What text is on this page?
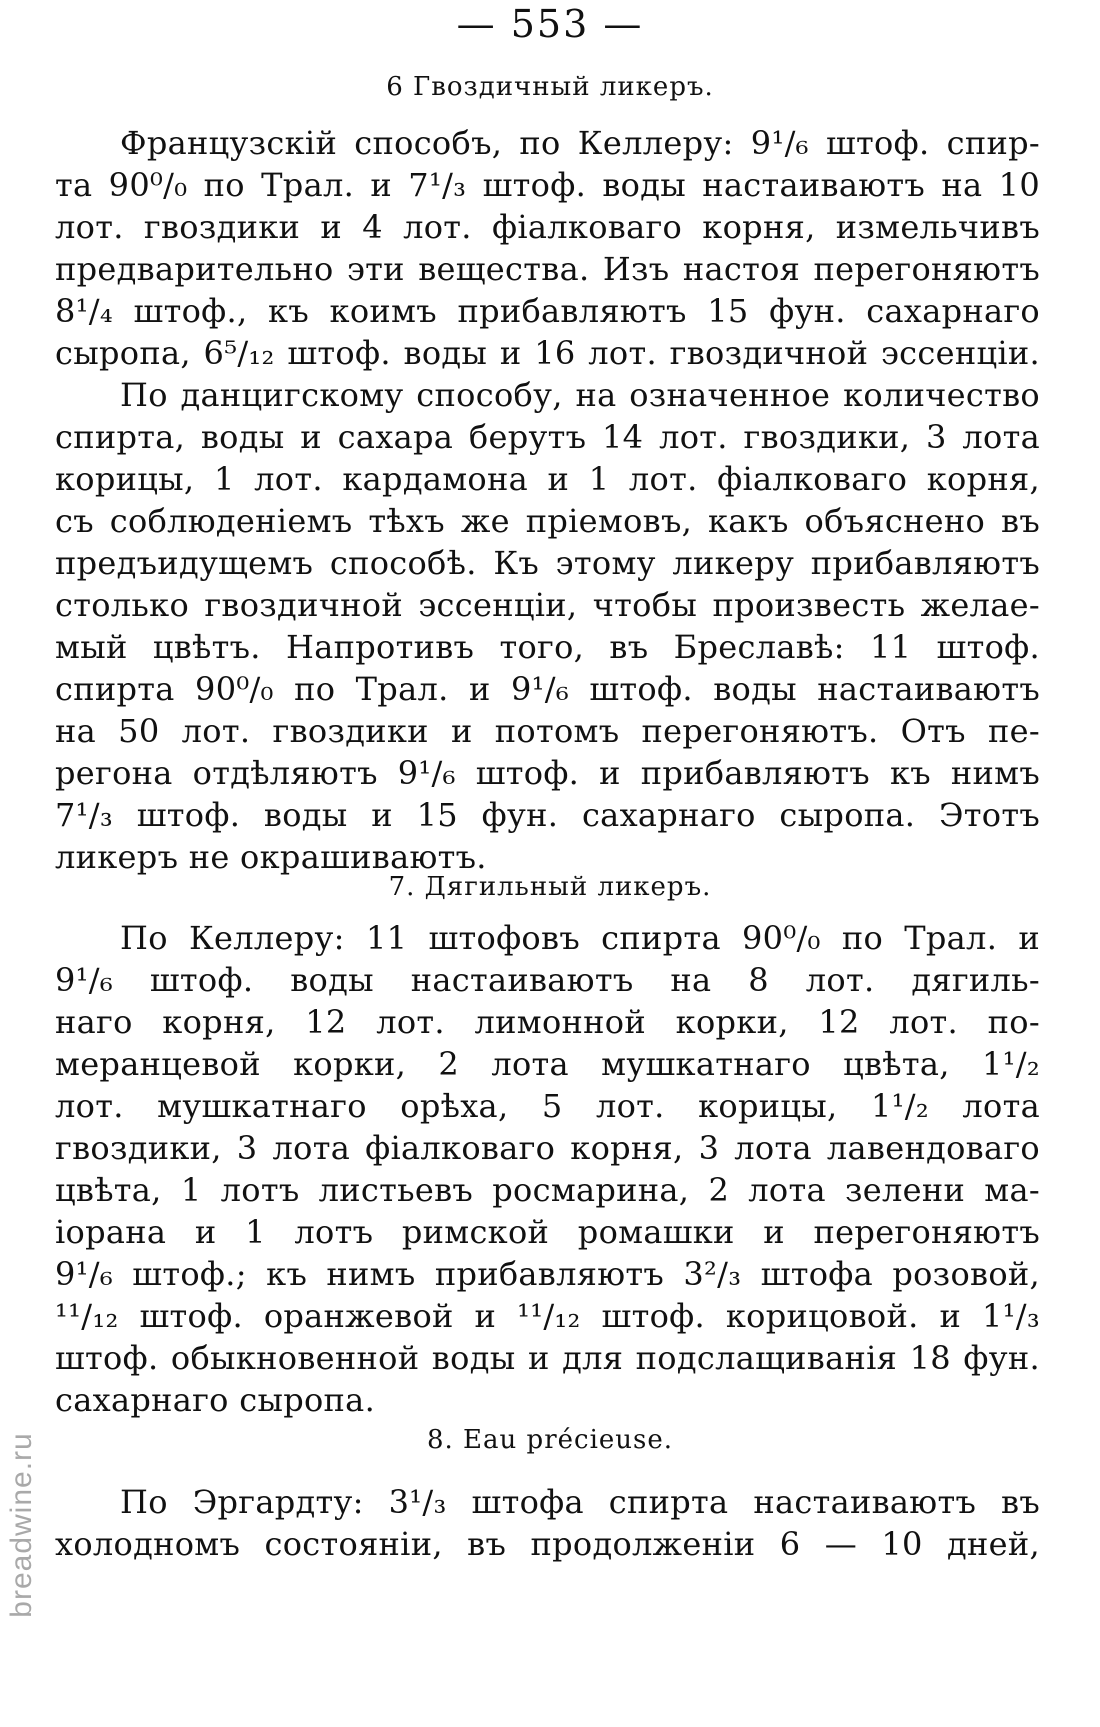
— 553 —
6 Гвоздичный ликеръ.
Французскій способъ, по Келлеру: 9¹/₆ штоф. спир-
та 90⁰/₀ по Трал. и 7¹/₃ штоф. воды настаиваютъ на 10
лот. гвоздики и 4 лот. фіалковаго корня, измельчивъ
предварительно эти вещества. Изъ настоя перегоняютъ
8¹/₄ штоф., къ коимъ прибавляютъ 15 фун. сахарнаго
сыропа, 6⁵/₁₂ штоф. воды и 16 лот. гвоздичной эссенціи.
По данцигскому способу, на означенное количество
спирта, воды и сахара берутъ 14 лот. гвоздики, 3 лота
корицы, 1 лот. кардамона и 1 лот. фіалковаго корня,
съ соблюденіемъ тѣхъ же пріемовъ, какъ объяснено въ
предъидущемъ способѣ. Къ этому ликеру прибавляютъ
столько гвоздичной эссенціи, чтобы произвесть желае-
мый цвѣтъ. Напротивъ того, въ Бреславѣ: 11 штоф.
спирта 90⁰/₀ по Трал. и 9¹/₆ штоф. воды настаиваютъ
на 50 лот. гвоздики и потомъ перегоняютъ. Отъ пе-
регона отдѣляютъ 9¹/₆ штоф. и прибавляютъ къ нимъ
7¹/₃ штоф. воды и 15 фун. сахарнаго сыропа. Этотъ
ликеръ не окрашиваютъ.
7. Дягильный ликеръ.
По Келлеру: 11 штофовъ спирта 90⁰/₀ по Трал. и
9¹/₆ штоф. воды настаиваютъ на 8 лот. дягиль-
наго корня, 12 лот. лимонной корки, 12 лот. по-
меранцевой корки, 2 лота мушкатнаго цвѣта, 1¹/₂
лот. мушкатнаго орѣха, 5 лот. корицы, 1¹/₂ лота
гвоздики, 3 лота фіалковаго корня, 3 лота лавендоваго
цвѣта, 1 лотъ листьевъ росмарина, 2 лота зелени ма-
іорана и 1 лотъ римской ромашки и перегоняютъ
9¹/₆ штоф.; къ нимъ прибавляютъ 3²/₃ штофа розовой,
¹¹/₁₂ штоф. оранжевой и ¹¹/₁₂ штоф. корицовой. и 1¹/₃
штоф. обыкновенной воды и для подслащиванія 18 фун.
сахарнаго сыропа.
8. Eau précieuse.
По Эргардту: 3¹/₃ штофа спирта настаиваютъ въ
холодномъ состояніи, въ продолженіи 6 — 10 дней,
breadwine.ru
